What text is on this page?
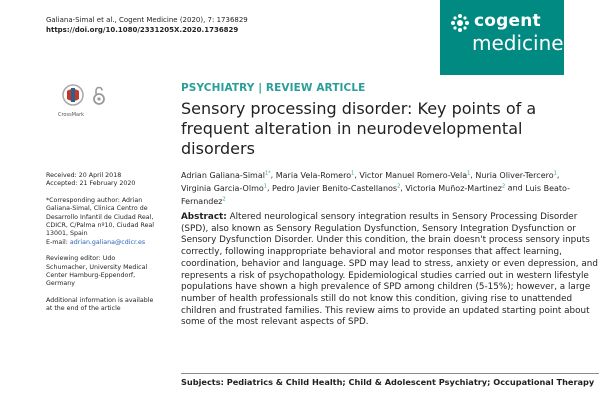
Galiana-Simal et al., Cogent Medicine (2020), 7: 1736829
https://doi.org/10.1080/2331205X.2020.1736829	cogent
medicine
CrossMark
PSYCHIATRY | REVIEW ARTICLE
Sensory processing disorder: Key points of a frequent alteration in neurodevelopmental disorders
Adrian Galiana-Simal$^{1*}$, Maria Vela-Romero$^1$, Victor Manuel Romero-Vela$^1$, Nuria Oliver-Tercero$^1$, Virginia Garcia-Olmo$^1$, Pedro Javier Benito-Castellanos$^2$, Victoria Muñoz-Martinez$^2$ and Luis Beato-Fernandez$^2$
Received: 20 April 2018
Accepted: 21 February 2020
*Corresponding author: Adrian Galiana-Simal, Clinica Centro de Desarrollo Infantil de Ciudad Real, CDICR, C/Palma nº10, Ciudad Real 13001, Spain
E-mail: adrian.galiana@cdicr.es
Reviewing editor: Udo Schumacher, University Medical Center Hamburg-Eppendorf, Germany
Additional information is available at the end of the article
Abstract: Altered neurological sensory integration results in Sensory Processing Disorder (SPD), also known as Sensory Regulation Dysfunction, Sensory Integration Dysfunction or Sensory Dysfunction Disorder. Under this condition, the brain doesn't process sensory inputs correctly, following inappropriate behavioral and motor responses that affect learning, coordination, behavior and language. SPD may lead to stress, anxiety or even depression, and represents a risk of psychopathology. Epidemiological studies carried out in western lifestyle populations have shown a high prevalence of SPD among children (5-15%); however, a large number of health professionals still do not know this condition, giving rise to unattended children and frustrated families. This review aims to provide an updated starting point about some of the most relevant aspects of SPD.
Subjects: Pediatrics & Child Health; Child & Adolescent Psychiatry; Occupational Therapy
